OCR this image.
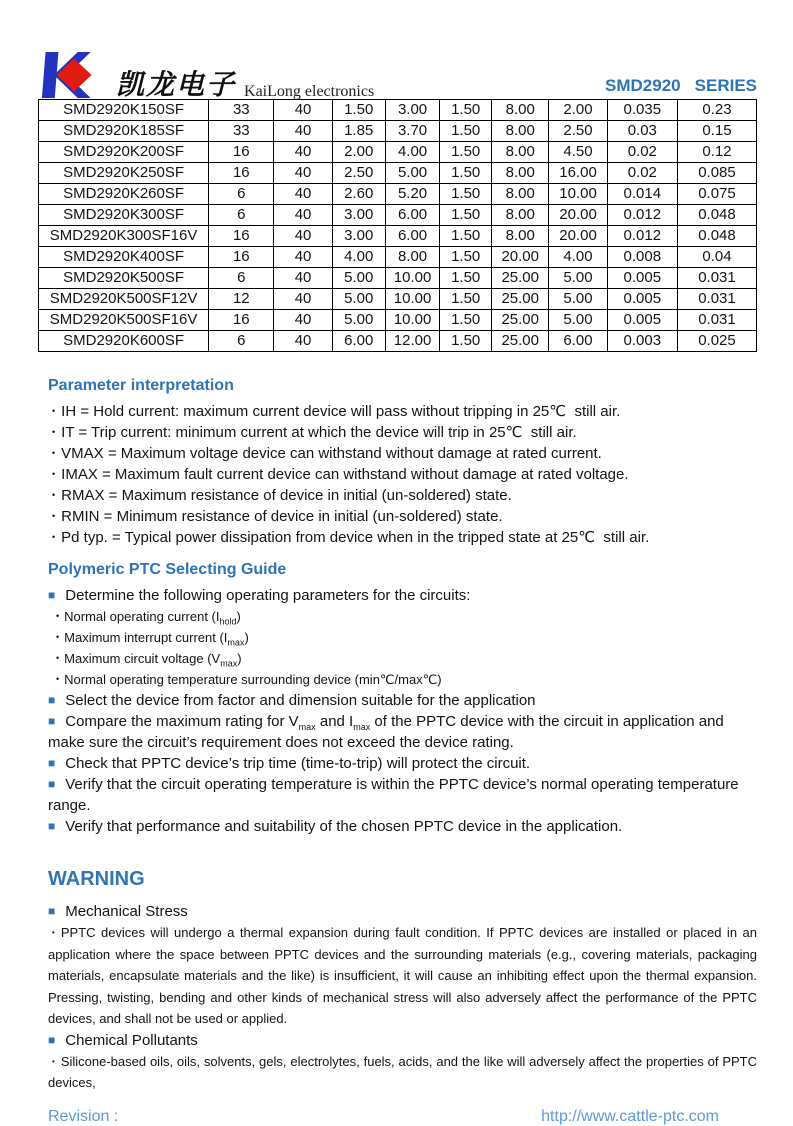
凯龙电子 KaiLong electronics	SMD2920 SERIES
SMD2920K150SF	33	40	1.50	3.00	1.50	8.00	2.00	0.035	0.23
SMD2920K185SF	33	40	1.85	3.70	1.50	8.00	2.50	0.03	0.15
SMD2920K200SF	16	40	2.00	4.00	1.50	8.00	4.50	0.02	0.12
SMD2920K250SF	16	40	2.50	5.00	1.50	8.00	16.00	0.02	0.085
SMD2920K260SF	6	40	2.60	5.20	1.50	8.00	10.00	0.014	0.075
SMD2920K300SF	6	40	3.00	6.00	1.50	8.00	20.00	0.012	0.048
SMD2920K300SF16V	16	40	3.00	6.00	1.50	8.00	20.00	0.012	0.048
SMD2920K400SF	16	40	4.00	8.00	1.50	20.00	4.00	0.008	0.04
SMD2920K500SF	6	40	5.00	10.00	1.50	25.00	5.00	0.005	0.031
SMD2920K500SF12V	12	40	5.00	10.00	1.50	25.00	5.00	0.005	0.031
SMD2920K500SF16V	16	40	5.00	10.00	1.50	25.00	5.00	0.005	0.031
SMD2920K600SF	6	40	6.00	12.00	1.50	25.00	6.00	0.003	0.025
Parameter interpretation
• IH = Hold current: maximum current device will pass without tripping in 25℃  still air.
• IT = Trip current: minimum current at which the device will trip in 25℃  still air.
• VMAX = Maximum voltage device can withstand without damage at rated current.
• IMAX = Maximum fault current device can withstand without damage at rated voltage.
• RMAX = Maximum resistance of device in initial (un-soldered) state.
• RMIN = Minimum resistance of device in initial (un-soldered) state.
• Pd typ. = Typical power dissipation from device when in the tripped state at 25℃  still air.
Polymeric PTC Selecting Guide
■ Determine the following operating parameters for the circuits:
• Normal operating current $(I_{hold})$
• Maximum interrupt current $(I_{max})$
• Maximum circuit voltage $(V_{max})$
• Normal operating temperature surrounding device (min℃/max℃)
■ Select the device from factor and dimension suitable for the application
■ Compare the maximum rating for $V_{max}$ and $I_{max}$ of the PPTC device with the circuit in application and make sure the circuit’s requirement does not exceed the device rating.
■ Check that PPTC device’s trip time (time-to-trip) will protect the circuit.
■ Verify that the circuit operating temperature is within the PPTC device’s normal operating temperature range.
■ Verify that performance and suitability of the chosen PPTC device in the application.
WARNING
■ Mechanical Stress
• PPTC devices will undergo a thermal expansion during fault condition. If PPTC devices are installed or placed in an application where the space between PPTC devices and the surrounding materials (e.g., covering materials, packaging materials, encapsulate materials and the like) is insufficient, it will cause an inhibiting effect upon the thermal expansion. Pressing, twisting, bending and other kinds of mechanical stress will also adversely affect the performance of the PPTC devices, and shall not be used or applied.
■ Chemical Pollutants
• Silicone-based oils, oils, solvents, gels, electrolytes, fuels, acids, and the like will adversely affect the properties of PPTC devices,
Revision :	http://www.cattle-ptc.com
